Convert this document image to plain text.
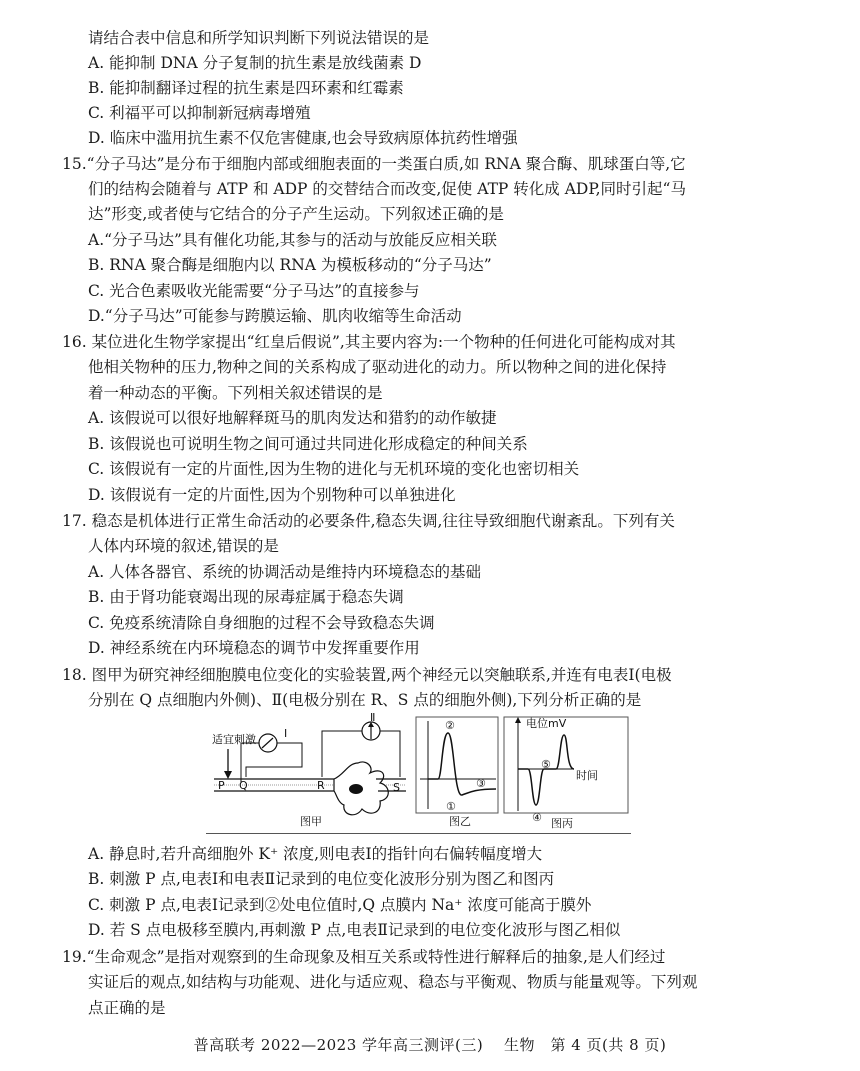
请结合表中信息和所学知识判断下列说法错误的是
A. 能抑制 DNA 分子复制的抗生素是放线菌素 D
B. 能抑制翻译过程的抗生素是四环素和红霉素
C. 利福平可以抑制新冠病毒增殖
D. 临床中滥用抗生素不仅危害健康,也会导致病原体抗药性增强
15.“分子马达”是分布于细胞内部或细胞表面的一类蛋白质,如 RNA 聚合酶、肌球蛋白等,它
们的结构会随着与 ATP 和 ADP 的交替结合而改变,促使 ATP 转化成 ADP,同时引起“马
达”形变,或者使与它结合的分子产生运动。下列叙述正确的是
A.“分子马达”具有催化功能,其参与的活动与放能反应相关联
B. RNA 聚合酶是细胞内以 RNA 为模板移动的“分子马达”
C. 光合色素吸收光能需要“分子马达”的直接参与
D.“分子马达”可能参与跨膜运输、肌肉收缩等生命活动
16. 某位进化生物学家提出“红皇后假说”,其主要内容为:一个物种的任何进化可能构成对其
他相关物种的压力,物种之间的关系构成了驱动进化的动力。所以物种之间的进化保持
着一种动态的平衡。下列相关叙述错误的是
A. 该假说可以很好地解释斑马的肌肉发达和猎豹的动作敏捷
B. 该假说也可说明生物之间可通过共同进化形成稳定的种间关系
C. 该假说有一定的片面性,因为生物的进化与无机环境的变化也密切相关
D. 该假说有一定的片面性,因为个别物种可以单独进化
17. 稳态是机体进行正常生命活动的必要条件,稳态失调,往往导致细胞代谢紊乱。下列有关
人体内环境的叙述,错误的是
A. 人体各器官、系统的协调活动是维持内环境稳态的基础
B. 由于肾功能衰竭出现的尿毒症属于稳态失调
C. 免疫系统清除自身细胞的过程不会导致稳态失调
D. 神经系统在内环境稳态的调节中发挥重要作用
18. 图甲为研究神经细胞膜电位变化的实验装置,两个神经元以突触联系,并连有电表Ⅰ(电极
分别在 Q 点细胞内外侧)、Ⅱ(电极分别在 R、S 点的细胞外侧),下列分析正确的是
适宜刺激	Ⅰ
Ⅱ
P Q	R	S
图甲
②
①
③
图乙
电位mV
时间
④
⑤
图丙
A. 静息时,若升高细胞外 K⁺ 浓度,则电表Ⅰ的指针向右偏转幅度增大
B. 刺激 P 点,电表Ⅰ和电表Ⅱ记录到的电位变化波形分别为图乙和图丙
C. 刺激 P 点,电表Ⅰ记录到②处电位值时,Q 点膜内 Na⁺ 浓度可能高于膜外
D. 若 S 点电极移至膜内,再刺激 P 点,电表Ⅱ记录到的电位变化波形与图乙相似
19.“生命观念”是指对观察到的生命现象及相互关系或特性进行解释后的抽象,是人们经过
实证后的观点,如结构与功能观、进化与适应观、稳态与平衡观、物质与能量观等。下列观
点正确的是
普高联考 2022—2023 学年高三测评(三)　 生物　第 4 页(共 8 页)
